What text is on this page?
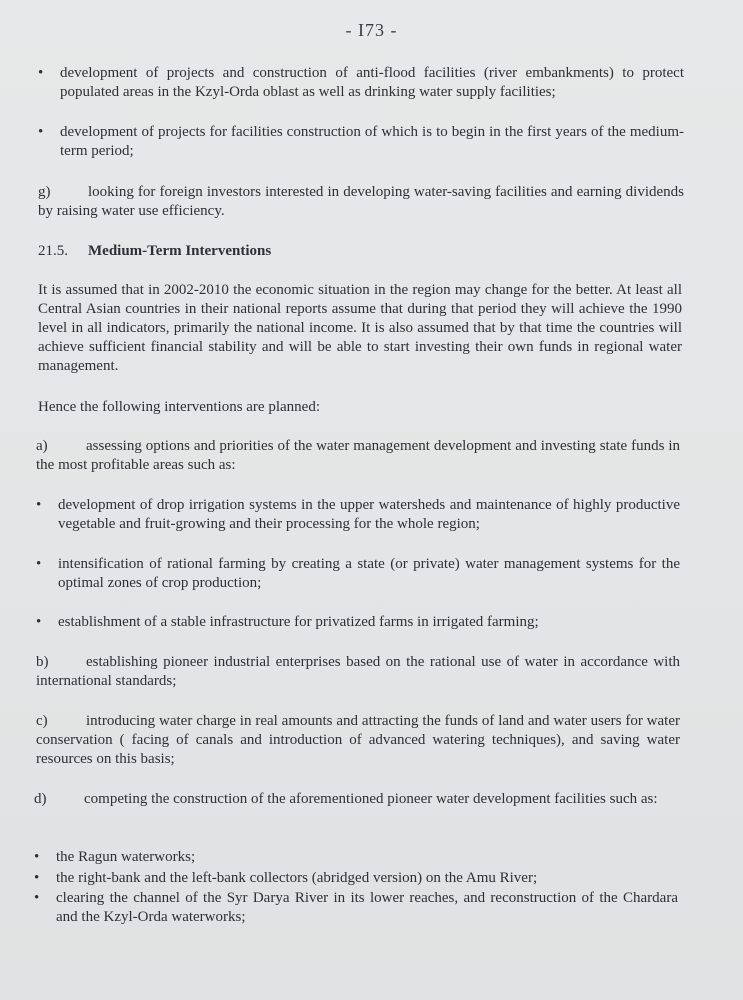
- I73 -
•	development of projects and construction of anti-flood facilities (river embankments) to protect populated areas in the Kzyl-Orda oblast as well as drinking water supply facilities;
•	development of projects for facilities construction of which is to begin in the first years of the medium-term period;
g)	looking for foreign investors interested in developing water-saving facilities and earning dividends by raising water use efficiency.
21.5. Medium-Term Interventions
It is assumed that in 2002-2010 the economic situation in the region may change for the better. At least all Central Asian countries in their national reports assume that during that period they will achieve the 1990 level in all indicators, primarily the national income. It is also assumed that by that time the countries will achieve sufficient financial stability and will be able to start investing their own funds in regional water management.
Hence the following interventions are planned:
a)	assessing options and priorities of the water management development and investing state funds in the most profitable areas such as:
•	development of drop irrigation systems in the upper watersheds and maintenance of highly productive vegetable and fruit-growing and their processing for the whole region;
•	intensification of rational farming by creating a state (or private) water management systems for the optimal zones of crop production;
•	establishment of a stable infrastructure for privatized farms in irrigated farming;
b)	establishing pioneer industrial enterprises based on the rational use of water in accordance with international standards;
c)	introducing water charge in real amounts and attracting the funds of land and water users for water conservation ( facing of canals and introduction of advanced watering techniques), and saving water resources on this basis;
d)	competing the construction of the aforementioned pioneer water development facilities such as:
•	the Ragun waterworks;
•	the right-bank and the left-bank collectors (abridged version) on the Amu River;
•	clearing the channel of the Syr Darya River in its lower reaches, and reconstruction of the Chardara and the Kzyl-Orda waterworks;
